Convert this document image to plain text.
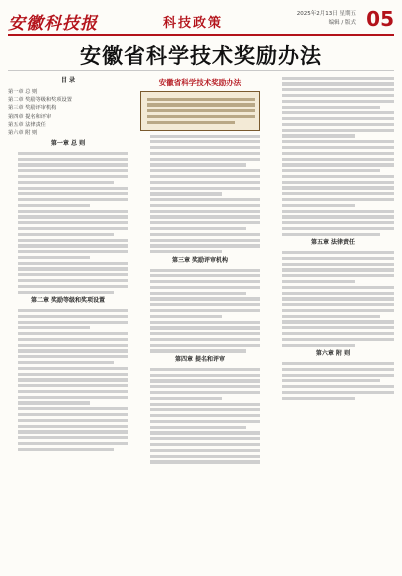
安徽科技报	科技政策
2025年2月13日 星期五
编辑 / 版式 05
安徽省科学技术奖励办法
目 录
第一章 总 则
第二章 奖励等级和奖项设置
第三章 奖励评审机构
第四章 提名和评审
第五章 法律责任
第六章 附 则
第一章 总 则
第二章 奖励等级和奖项设置
安徽省科学技术奖励办法
第三章 奖励评审机构
第四章 提名和评审
第五章 法律责任
第六章 附 则
